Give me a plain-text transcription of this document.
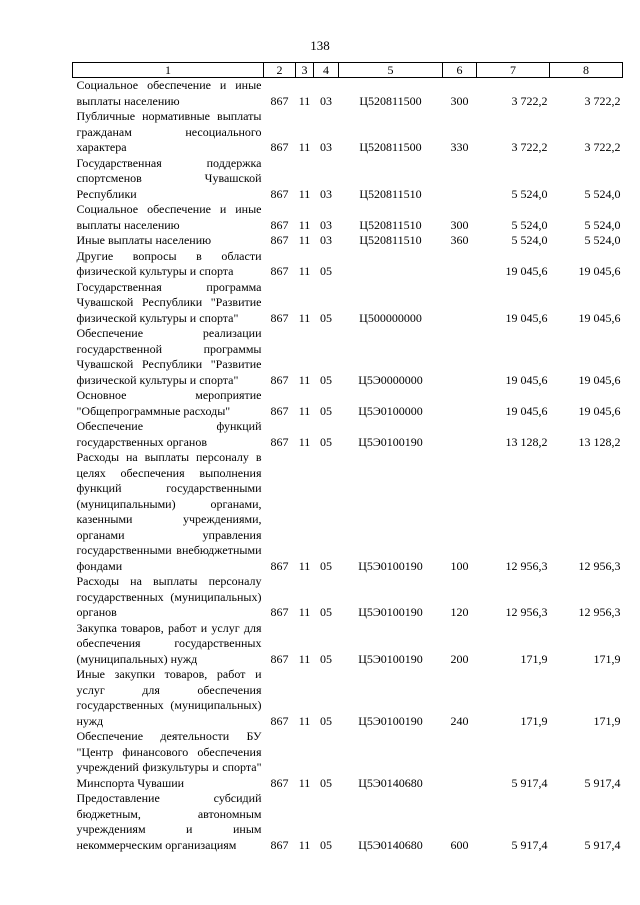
138
1	2	3	4	5	6	7	8
Социальное обеспечение и иные выплаты населению	867	11	03	Ц520811500	300	3 722,2	3 722,2
Публичные нормативные выплаты гражданам несоциального характера	867	11	03	Ц520811500	330	3 722,2	3 722,2
Государственная поддержка спортсменов Чувашской Республики	867	11	03	Ц520811510		5 524,0	5 524,0
Социальное обеспечение и иные выплаты населению	867	11	03	Ц520811510	300	5 524,0	5 524,0
Иные выплаты населению	867	11	03	Ц520811510	360	5 524,0	5 524,0
Другие вопросы в области физической культуры и спорта	867	11	05			19 045,6	19 045,6
Государственная программа Чувашской Республики "Развитие физической культуры и спорта"	867	11	05	Ц500000000		19 045,6	19 045,6
Обеспечение реализации государственной программы Чувашской Республики "Развитие физической культуры и спорта"	867	11	05	Ц5Э0000000		19 045,6	19 045,6
Основное мероприятие "Общепрограммные расходы"	867	11	05	Ц5Э0100000		19 045,6	19 045,6
Обеспечение функций государственных органов	867	11	05	Ц5Э0100190		13 128,2	13 128,2
Расходы на выплаты персоналу в целях обеспечения выполнения функций государственными (муниципальными) органами, казенными учреждениями, органами управления государственными внебюджетными фондами	867	11	05	Ц5Э0100190	100	12 956,3	12 956,3
Расходы на выплаты персоналу государственных (муниципальных) органов	867	11	05	Ц5Э0100190	120	12 956,3	12 956,3
Закупка товаров, работ и услуг для обеспечения государственных (муниципальных) нужд	867	11	05	Ц5Э0100190	200	171,9	171,9
Иные закупки товаров, работ и услуг для обеспечения государственных (муниципальных) нужд	867	11	05	Ц5Э0100190	240	171,9	171,9
Обеспечение деятельности БУ "Центр финансового обеспечения учреждений физкультуры и спорта" Минспорта Чувашии	867	11	05	Ц5Э0140680		5 917,4	5 917,4
Предоставление субсидий бюджетным, автономным учреждениям и иным некоммерческим организациям	867	11	05	Ц5Э0140680	600	5 917,4	5 917,4
